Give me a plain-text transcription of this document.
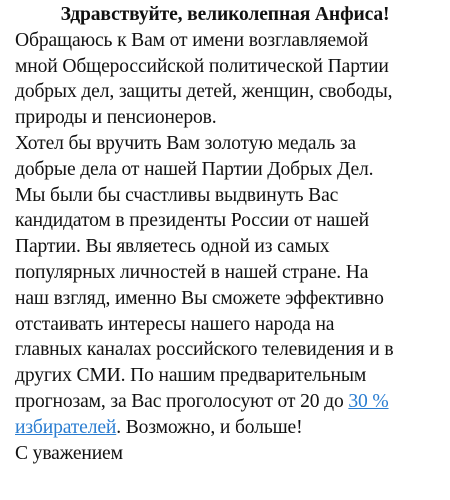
Здравствуйте, великолепная Анфиса!

Обращаюсь к Вам от имени возглавляемой
мной Общероссийской политической Партии
добрых дел, защиты детей, женщин, свободы,
природы и пенсионеров.

Хотел бы вручить Вам золотую медаль за
добрые дела от нашей Партии Добрых Дел.
Мы были бы счастливы выдвинуть Вас
кандидатом в президенты России от нашей
Партии. Вы являетесь одной из самых
популярных личностей в нашей стране. На
наш взгляд, именно Вы сможете эффективно
отстаивать интересы нашего народа на
главных каналах российского телевидения и в
других СМИ. По нашим предварительным
прогнозам, за Вас проголосуют от 20 до 30 %
избирателей. Возможно, и больше!

С уважением
